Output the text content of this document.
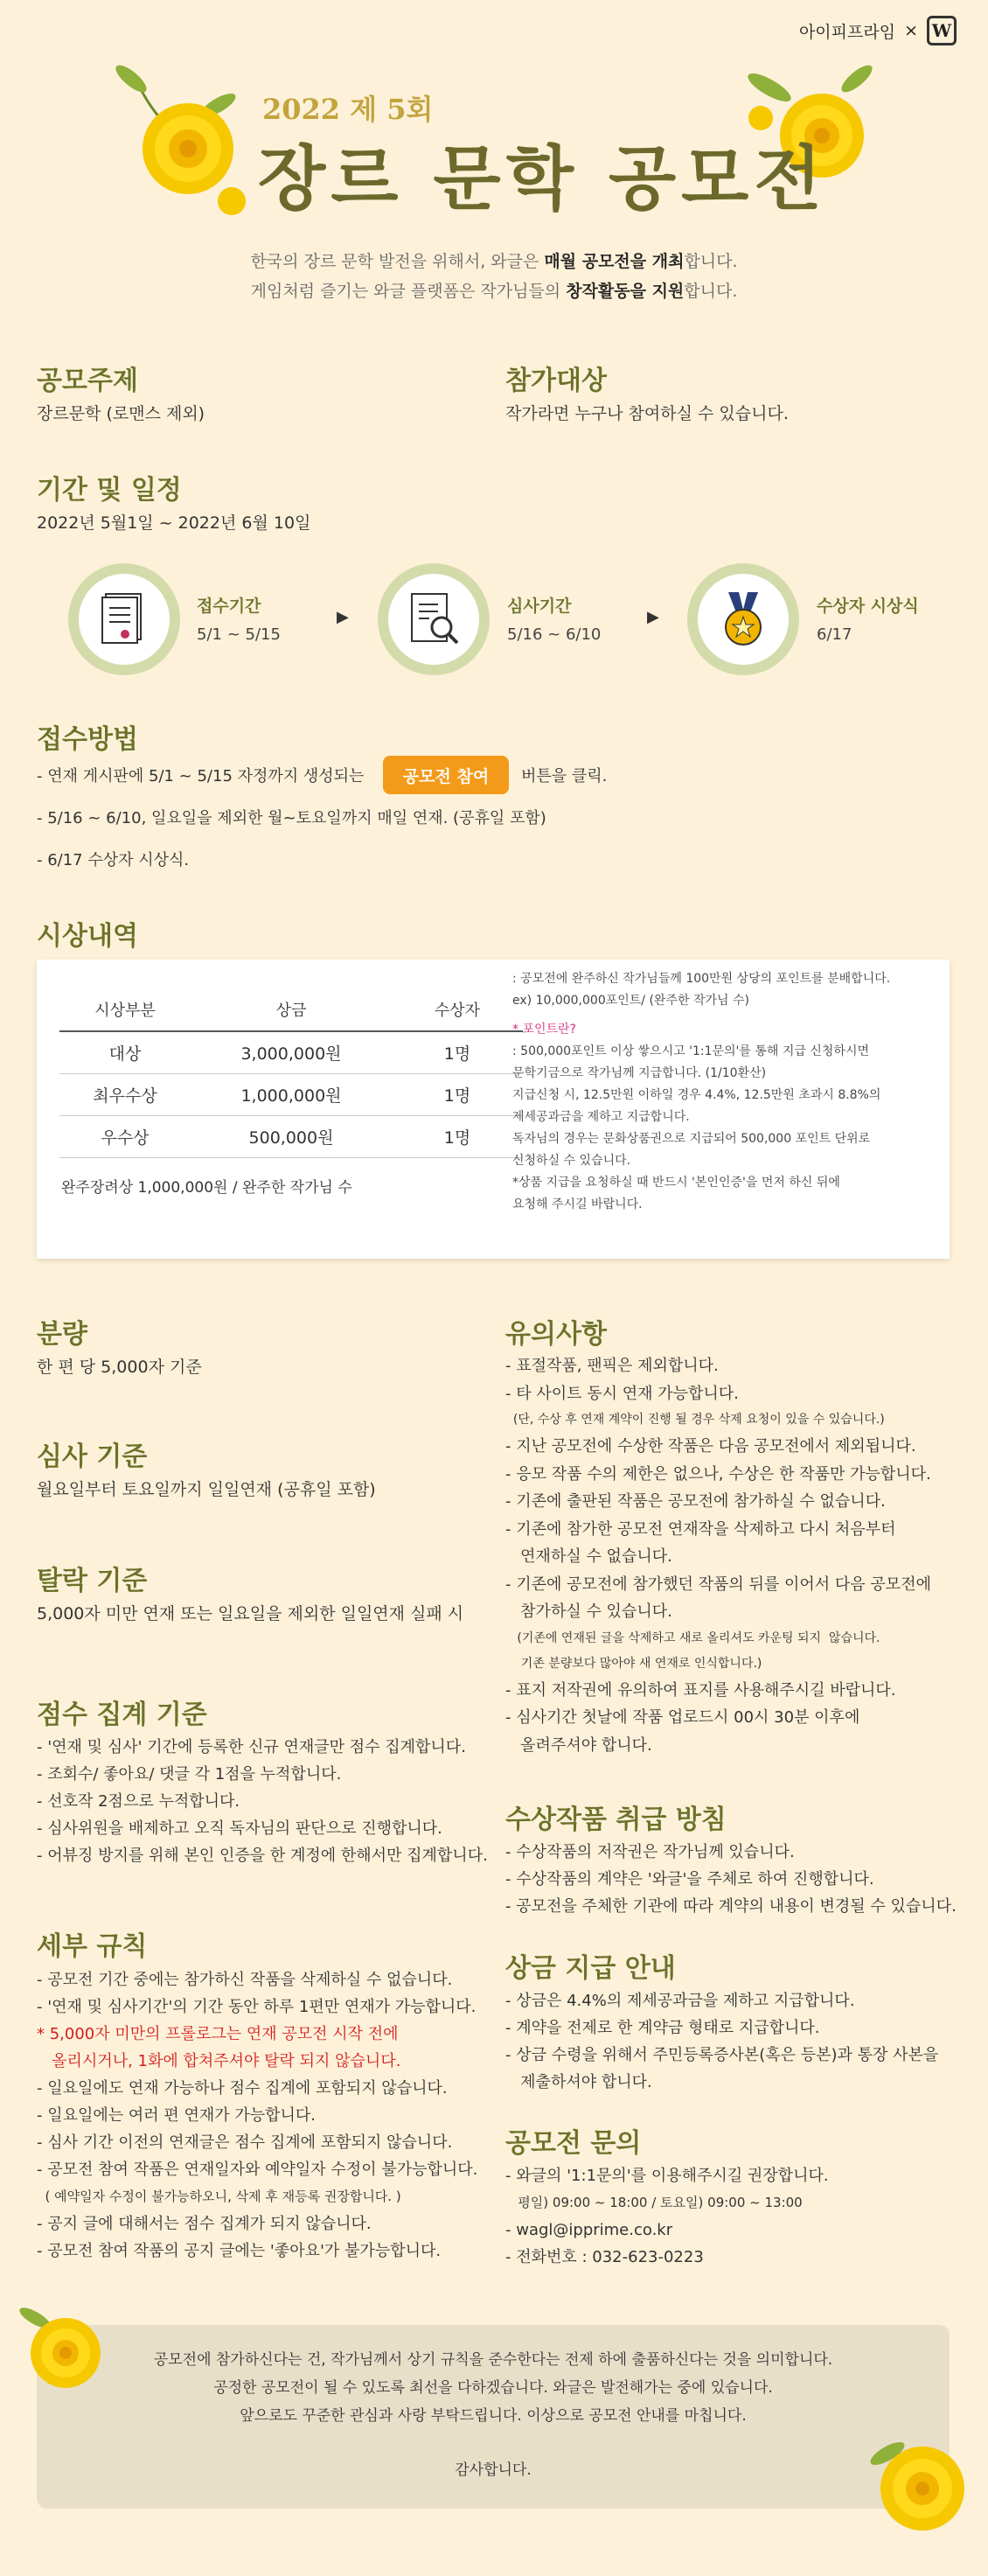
아이피프라임 × W
2022 제 5회
장르 문학 공모전
한국의 장르 문학 발전을 위해서, 와글은 매월 공모전을 개최합니다.
게임처럼 즐기는 와글 플랫폼은 작가님들의 창작활동을 지원합니다.
공모주제
장르문학 (로맨스 제외)
참가대상
작가라면 누구나 참여하실 수 있습니다.
기간 및 일정
2022년 5월1일 ~ 2022년 6월 10일
접수기간
5/1 ~ 5/15
▶
심사기간
5/16 ~ 6/10
▶
수상자 시상식
6/17
접수방법
- 연재 게시판에 5/1 ~ 5/15 자정까지 생성되는	공모전 참여	버튼을 클릭.
- 5/16 ~ 6/10, 일요일을 제외한 월~토요일까지 매일 연재. (공휴일 포함)
- 6/17 수상자 시상식.
시상내역
시상부분	상금	수상자
대상	3,000,000원	1명
최우수상	1,000,000원	1명
우수상	500,000원	1명
완주장려상 1,000,000원 / 완주한 작가님 수
: 공모전에 완주하신 작가님들께 100만원 상당의 포인트를 분배합니다.
ex) 10,000,000포인트/ (완주한 작가님 수)
* 포인트란?
: 500,000포인트 이상 쌓으시고 '1:1문의'를 통해 지급 신청하시면
문학기금으로 작가님께 지급합니다. (1/10환산)
지급신청 시, 12.5만원 이하일 경우 4.4%, 12.5만원 초과시 8.8%의
제세공과금을 제하고 지급합니다.
독자님의 경우는 문화상품권으로 지급되어 500,000 포인트 단위로
신청하실 수 있습니다.
*상품 지급을 요청하실 때 반드시 '본인인증'을 먼저 하신 뒤에
요청해 주시길 바랍니다.
분량
한 편 당 5,000자 기준
심사 기준
월요일부터 토요일까지 일일연재 (공휴일 포함)
탈락 기준
5,000자 미만 연재 또는 일요일을 제외한 일일연재 실패 시
점수 집계 기준
- '연재 및 심사' 기간에 등록한 신규 연재글만 점수 집계합니다.
- 조회수/ 좋아요/ 댓글 각 1점을 누적합니다.
- 선호작 2점으로 누적합니다.
- 심사위원을 배제하고 오직 독자님의 판단으로 진행합니다.
- 어뷰징 방지를 위해 본인 인증을 한 계정에 한해서만 집계합니다.
세부 규칙
- 공모전 기간 중에는 참가하신 작품을 삭제하실 수 없습니다.
- '연재 및 심사기간'의 기간 동안 하루 1편만 연재가 가능합니다.
* 5,000자 미만의 프롤로그는 연재 공모전 시작 전에
올리시거나, 1화에 합쳐주셔야 탈락 되지 않습니다.
- 일요일에도 연재 가능하나 점수 집계에 포함되지 않습니다.
- 일요일에는 여러 편 연재가 가능합니다.
- 심사 기간 이전의 연재글은 점수 집계에 포함되지 않습니다.
- 공모전 참여 작품은 연재일자와 예약일자 수정이 불가능합니다.
( 예약일자 수정이 불가능하오니, 삭제 후 재등록 권장합니다. )
- 공지 글에 대해서는 점수 집계가 되지 않습니다.
- 공모전 참여 작품의 공지 글에는 '좋아요'가 불가능합니다.
유의사항
- 표절작품, 팬픽은 제외합니다.
- 타 사이트 동시 연재 가능합니다.
(단, 수상 후 연재 계약이 진행 될 경우 삭제 요청이 있을 수 있습니다.)
- 지난 공모전에 수상한 작품은 다음 공모전에서 제외됩니다.
- 응모 작품 수의 제한은 없으나, 수상은 한 작품만 가능합니다.
- 기존에 출판된 작품은 공모전에 참가하실 수 없습니다.
- 기존에 참가한 공모전 연재작을 삭제하고 다시 처음부터
연재하실 수 없습니다.
- 기존에 공모전에 참가했던 작품의 뒤를 이어서 다음 공모전에
참가하실 수 있습니다.
(기존에 연재된 글을 삭제하고 새로 올리셔도 카운팅 되지  않습니다.
기존 분량보다 많아야 새 연재로 인식합니다.)
- 표지 저작권에 유의하여 표지를 사용해주시길 바랍니다.
- 심사기간 첫날에 작품 업로드시 00시 30분 이후에
올려주셔야 합니다.
수상작품 취급 방침
- 수상작품의 저작권은 작가님께 있습니다.
- 수상작품의 계약은 '와글'을 주체로 하여 진행합니다.
- 공모전을 주체한 기관에 따라 계약의 내용이 변경될 수 있습니다.
상금 지급 안내
- 상금은 4.4%의 제세공과금을 제하고 지급합니다.
- 계약을 전제로 한 계약금 형태로 지급합니다.
- 상금 수령을 위해서 주민등록증사본(혹은 등본)과 통장 사본을
제출하셔야 합니다.
공모전 문의
- 와글의 '1:1문의'를 이용해주시길 권장합니다.
평일) 09:00 ~ 18:00 / 토요일) 09:00 ~ 13:00
- wagl@ipprime.co.kr
- 전화번호 : 032-623-0223
공모전에 참가하신다는 건, 작가님께서 상기 규칙을 준수한다는 전제 하에 출품하신다는 것을 의미합니다.
공정한 공모전이 될 수 있도록 최선을 다하겠습니다. 와글은 발전해가는 중에 있습니다.
앞으로도 꾸준한 관심과 사랑 부탁드립니다. 이상으로 공모전 안내를 마칩니다.
감사합니다.
